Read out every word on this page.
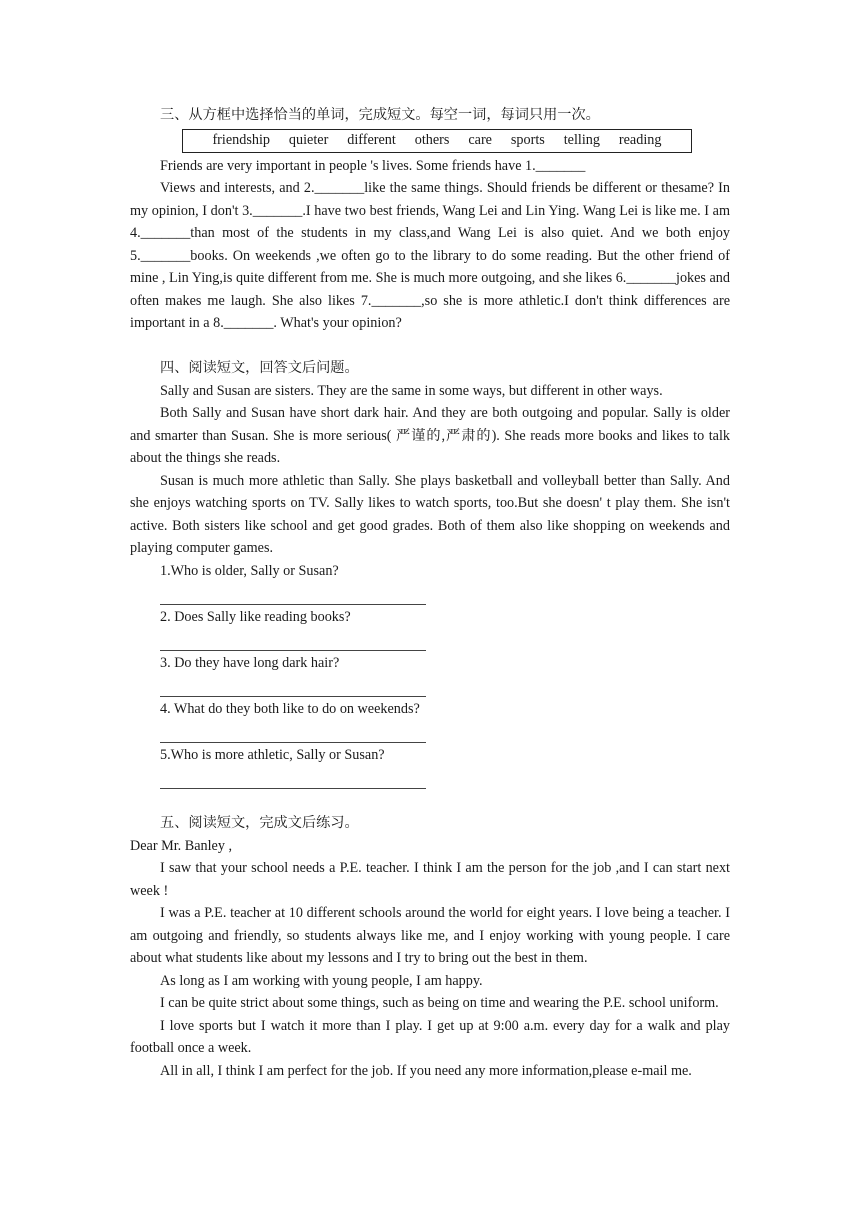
三、从方框中选择恰当的单词，完成短文。每空一词，每词只用一次。

friendship quieter different others care sports telling reading

Friends are very important in people 's lives. Some friends have 1._______

Views and interests, and 2._______like the same things. Should friends be different or thesame? In my opinion, I don't 3._______.I have two best friends, Wang Lei and Lin Ying. Wang Lei is like me. I am 4._______than most of the students in my class,and Wang Lei is also quiet. And we both enjoy 5._______books. On weekends ,we often go to the library to do some reading. But the other friend of mine , Lin Ying,is quite different from me. She is much more outgoing, and she likes 6._______jokes and often makes me laugh. She also likes 7._______,so she is more athletic.I don't think differences are important in a 8._______. What's your opinion?

四、阅读短文，回答文后问题。

Sally and Susan are sisters. They are the same in some ways, but different in other ways.

Both Sally and Susan have short dark hair. And they are both outgoing and popular. Sally is older and smarter than Susan. She is more serious( 严谨的,严肃的). She reads more books and likes to talk about the things she reads.

Susan is much more athletic than Sally. She plays basketball and volleyball better than Sally. And she enjoys watching sports on TV. Sally likes to watch sports, too.But she doesn' t play them. She isn't active. Both sisters like school and get good grades. Both of them also like shopping on weekends and playing computer games.

1.Who is older, Sally or Susan?

2. Does Sally like reading books?

3. Do they have long dark hair?

4. What do they both like to do on weekends?

5.Who is more athletic, Sally or Susan?

五、阅读短文，完成文后练习。

Dear Mr. Banley ,

I saw that your school needs a P.E. teacher. I think I am the person for the job ,and I can start next week !

I was a P.E. teacher at 10 different schools around the world for eight years. I love being a teacher. I am outgoing and friendly, so students always like me, and I enjoy working with young people. I care about what students like about my lessons and I try to bring out the best in them.

As long as I am working with young people, I am happy.

I can be quite strict about some things, such as being on time and wearing the P.E. school uniform.

I love sports but I watch it more than I play. I get up at 9:00 a.m. every day for a walk and play football once a week.

All in all, I think I am perfect for the job. If you need any more information,please e-mail me.
